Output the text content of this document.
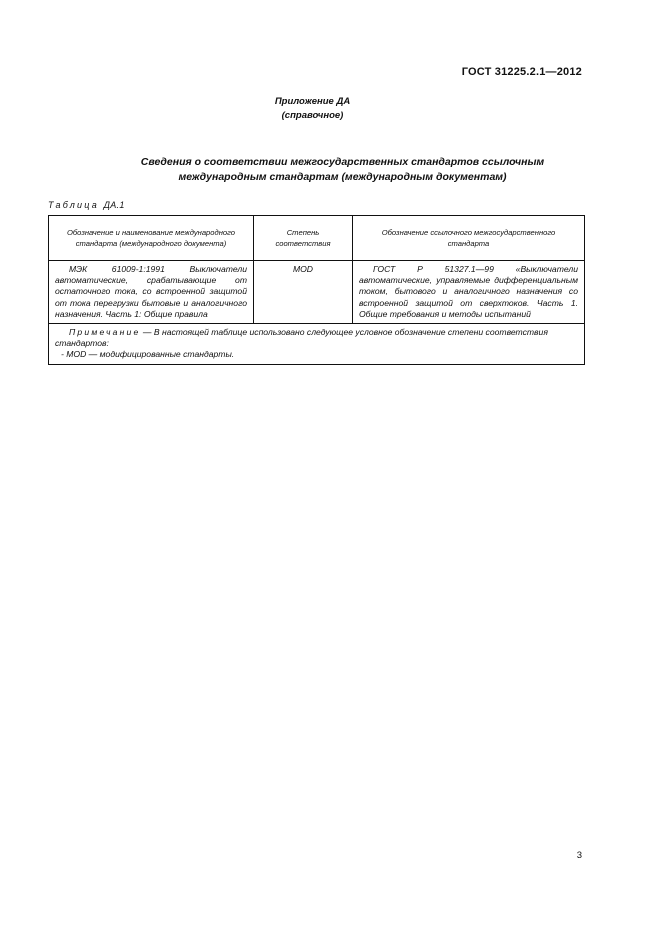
ГОСТ 31225.2.1—2012
Приложение ДА
(справочное)
Сведения о соответствии межгосударственных стандартов ссылочным
международным стандартам (международным документам)
Таблица ДА.1
Обозначение и наименование международного стандарта (международного документа)	Степень соответствия	Обозначение ссылочного межгосударственного стандарта
МЭК 61009-1:1991 Выключатели автоматические, срабатывающие от остаточного тока, со встроенной защитой от тока перегрузки бытовые и аналогичного назначения. Часть 1: Общие правила	MOD	ГОСТ Р 51327.1—99 «Выключатели автоматические, управляемые дифференциальным током, бытового и аналогичного назначения со встроенной защитой от сверхтоков. Часть 1. Общие требования и методы испытаний

Примечание — В настоящей таблице использовано следующее условное обозначение степени соответствия стандартов:
- MOD — модифицированные стандарты.		
3
